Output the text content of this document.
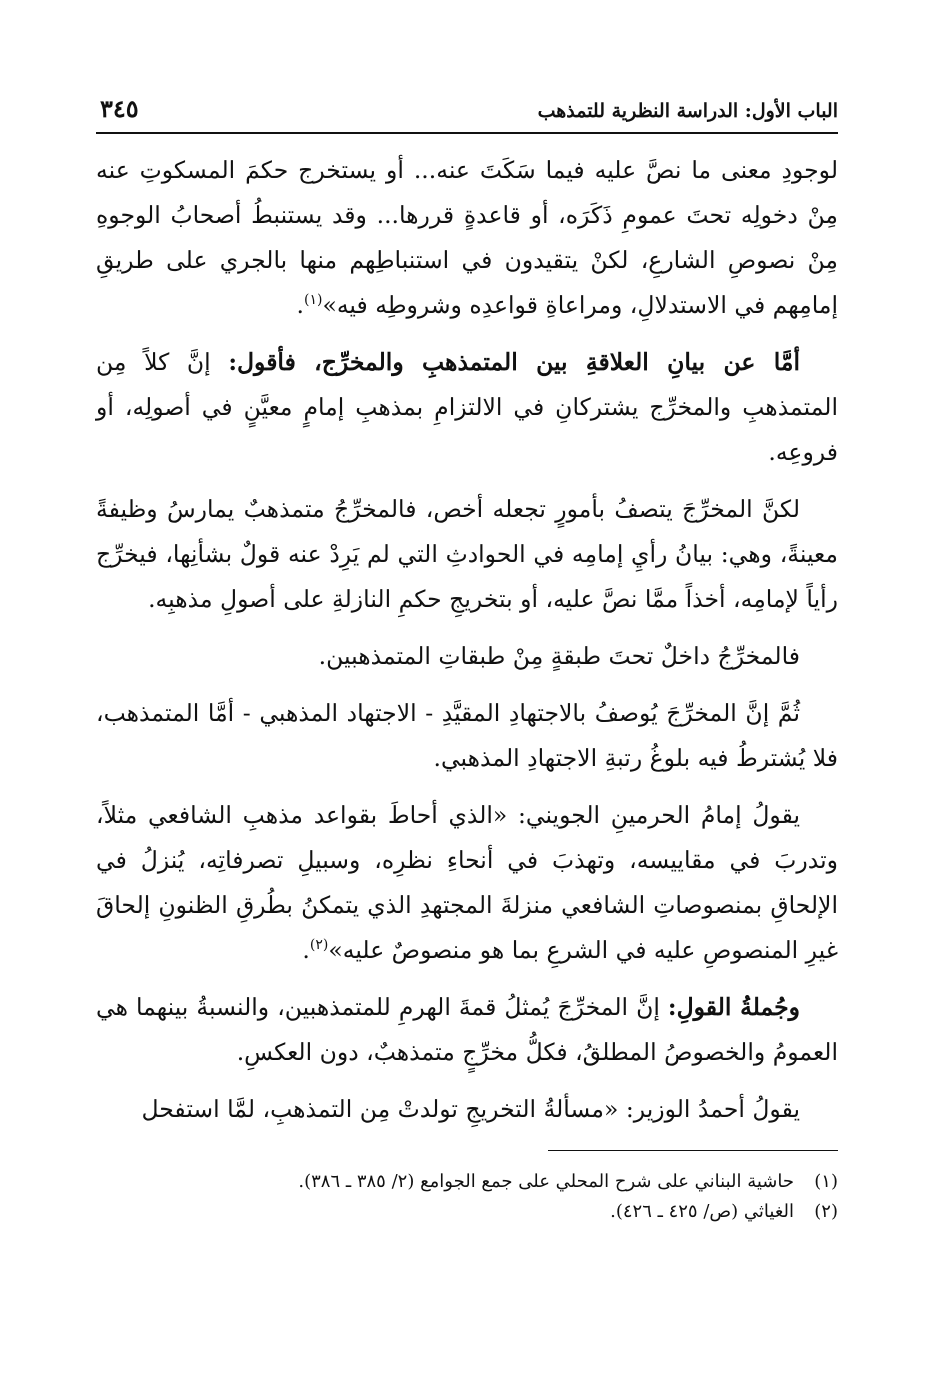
الباب الأول: الدراسة النظرية للتمذهب
٣٤٥

لوجودِ معنى ما نصَّ عليه فيما سَكَتَ عنه... أو يستخرج حكمَ المسكوتِ عنه مِنْ دخولِه تحتَ عمومِ ذَكَرَه، أو قاعدةٍ قررها... وقد يستنبطُ أصحابُ الوجوهِ مِنْ نصوصِ الشارعِ، لكنْ يتقيدون في استنباطِهم منها بالجري على طريقِ إمامِهم في الاستدلالِ، ومراعاةِ قواعدِه وشروطِه فيه»$^{(١)}$.

أمَّا عن بيانِ العلاقةِ بين المتمذهبِ والمخرِّج، فأقول: إنَّ كلاً مِن المتمذهبِ والمخرِّج يشتركانِ في الالتزامِ بمذهبِ إمامٍ معيَّنٍ في أصولِه، أو فروعِه.

لكنَّ المخرِّجَ يتصفُ بأمورٍ تجعله أخص، فالمخرِّجُ متمذهبٌ يمارسُ وظيفةً معينةً، وهي: بيانُ رأيِ إمامِه في الحوادثِ التي لم يَرِدْ عنه قولٌ بشأنِها، فيخرِّج رأياً لإمامِه، أخذاً ممَّا نصَّ عليه، أو بتخريجِ حكمِ النازلةِ على أصولِ مذهبِه.

فالمخرِّجُ داخلٌ تحتَ طبقةٍ مِنْ طبقاتِ المتمذهبين.

ثُمَّ إنَّ المخرِّجَ يُوصفُ بالاجتهادِ المقيَّدِ - الاجتهاد المذهبي - أمَّا المتمذهب، فلا يُشترطُ فيه بلوغُ رتبةِ الاجتهادِ المذهبي.

يقولُ إمامُ الحرمينِ الجويني: «الذي أحاطَ بقواعد مذهبِ الشافعي مثلاً، وتدربَ في مقاييسه، وتهذبَ في أنحاءِ نظرِه، وسبيلِ تصرفاتِه، يُنزلُ في الإلحاقِ بمنصوصاتِ الشافعي منزلةَ المجتهدِ الذي يتمكنُ بطُرقِ الظنونِ إلحاقَ غيرِ المنصوصِ عليه في الشرعِ بما هو منصوصٌ عليه»$^{(٢)}$.

وجُملةُ القولِ: إنَّ المخرِّجَ يُمثلُ قمةَ الهرمِ للمتمذهبين، والنسبةُ بينهما هي العمومُ والخصوصُ المطلقُ، فكلُّ مخرِّجٍ متمذهبٌ، دون العكسِ.

يقولُ أحمدُ الوزير: «مسألةُ التخريجِ تولدتْ مِن التمذهبِ، لمَّا استفحل

(١)
حاشية البناني على شرح المحلي على جمع الجوامع (٢/ ٣٨٥ ـ ٣٨٦).
(٢)
الغياثي (ص/ ٤٢٥ ـ ٤٢٦).
